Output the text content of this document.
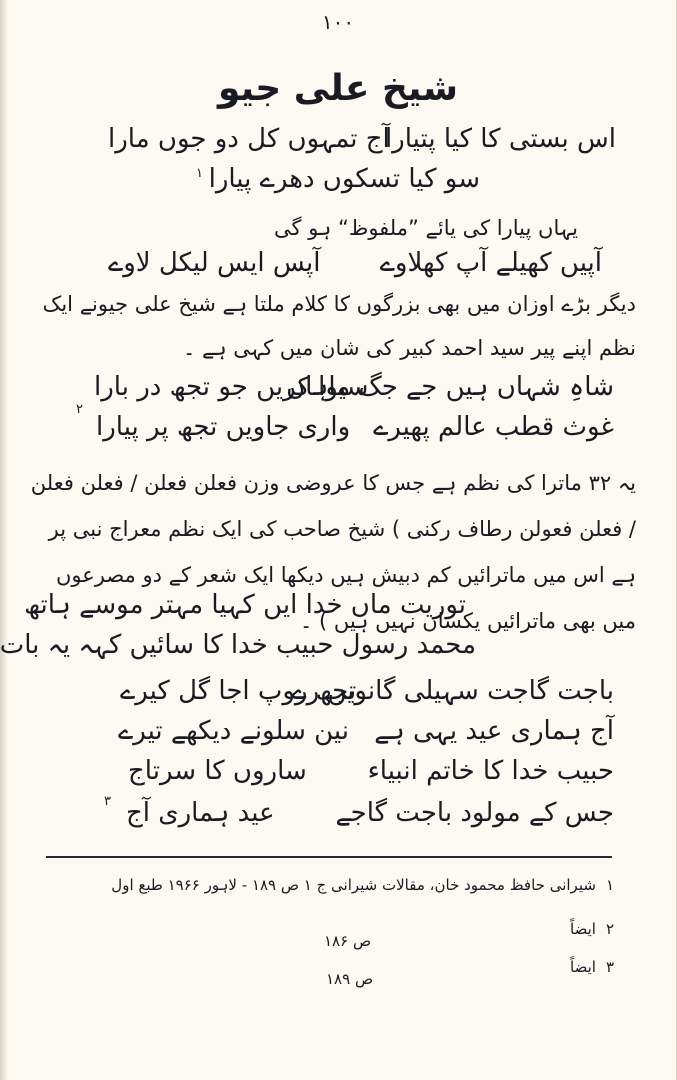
۱۰۰
شیخ علی جیو
اس بستی کا کیا پتیارا
آج تمہوں کل دو جوں مارا
سو کیا تسکوں دھرے پیارا
۱
یہاں پیارا کی یائے ”ملفوظ“ ہو گی
آپیں کھیلے آپ کھلاوے
آپس ایس لیکل لاوے
دیگر بڑے اوزان میں بھی بزرگوں کا کلام ملتا ہے شیخ علی جیونے ایک نظم اپنے پیر سید احمد کبیر کی شان میں کہی ہے ۔
شاہِ شہاں ہیں جے جگ ماہاں
سیوا کریں جو تجھ در بارا
غوث قطب عالم پھیرے
واری جاویں تجھ پر پیارا
۲
یہ ۳۲ ماترا کی نظم ہے جس کا عروضی وزن فعلن فعلن / فعلن فعلن / فعلن فعولن رطاف رکنی ) شیخ صاحب کی ایک نظم معراج نبی پر ہے اس میں ماترائیں کم دبیش ہیں دیکھا ایک شعر کے دو مصرعوں میں بھی ماترائیں یکساں نہیں ہیں ) ۔
توریت ماں خدا ایں کہیا مہتر موسے ہاتھ
محمد رسول حبیب خدا کا سائیں کہہ یہ بات
باجت گاجت سہیلی گانویں رے
تجھ روپ اجا گل کیرے
آج ہماری عید یہی ہے
نین سلونے دیکھے تیرے
حبیب خدا کا خاتم انبیاء
ساروں کا سرتاج
جس کے مولود باجت گاجے
عید ہماری آج
۳
۱شیرانی حافظ محمود خان، مقالات شیرانی ج ۱ ص ۱۸۹ - لاہور ۱۹۶۶ طبع اول
۲ایضاً
ص ۱۸۶
۳ایضاً
ص ۱۸۹
